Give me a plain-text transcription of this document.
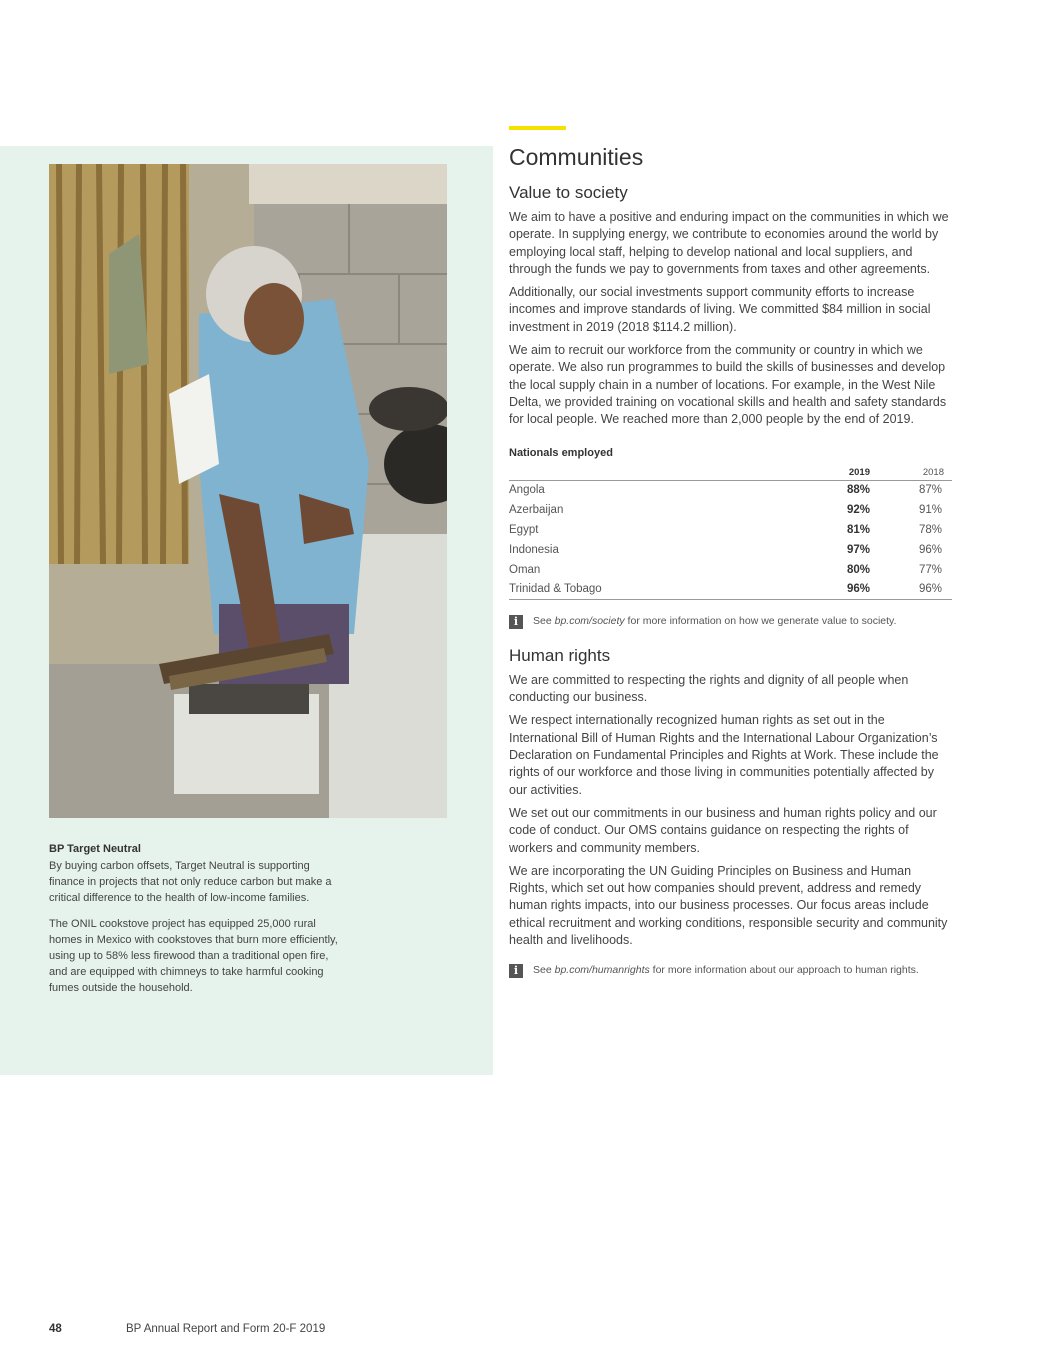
BP Target Neutral

By buying carbon offsets, Target Neutral is supporting finance in projects that not only reduce carbon but make a critical difference to the health of low-income families.

The ONIL cookstove project has equipped 25,000 rural homes in Mexico with cookstoves that burn more efficiently, using up to 58% less firewood than a traditional open fire, and are equipped with chimneys to take harmful cooking fumes outside the household.

Communities
Value to society

We aim to have a positive and enduring impact on the communities in which we operate. In supplying energy, we contribute to economies around the world by employing local staff, helping to develop national and local suppliers, and through the funds we pay to governments from taxes and other agreements.

Additionally, our social investments support community efforts to increase incomes and improve standards of living. We committed $84 million in social investment in 2019 (2018 $114.2 million).

We aim to recruit our workforce from the community or country in which we operate. We also run programmes to build the skills of businesses and develop the local supply chain in a number of locations. For example, in the West Nile Delta, we provided training on vocational skills and health and safety standards for local people. We reached more than 2,000 people by the end of 2019.

Nationals employed
	2019	2018
Angola	88%	87%
Azerbaijan	92%	91%
Egypt	81%	78%
Indonesia	97%	96%
Oman	80%	77%
Trinidad & Tobago	96%	96%
i	See bp.com/society for more information on how we generate value to society.
Human rights

We are committed to respecting the rights and dignity of all people when conducting our business.

We respect internationally recognized human rights as set out in the International Bill of Human Rights and the International Labour Organization’s Declaration on Fundamental Principles and Rights at Work. These include the rights of our workforce and those living in communities potentially affected by our activities.

We set out our commitments in our business and human rights policy and our code of conduct. Our OMS contains guidance on respecting the rights of workers and community members.

We are incorporating the UN Guiding Principles on Business and Human Rights, which set out how companies should prevent, address and remedy human rights impacts, into our business processes. Our focus areas include ethical recruitment and working conditions, responsible security and community health and livelihoods.

i	See bp.com/humanrights for more information about our approach to human rights.
48	BP Annual Report and Form 20-F 2019
